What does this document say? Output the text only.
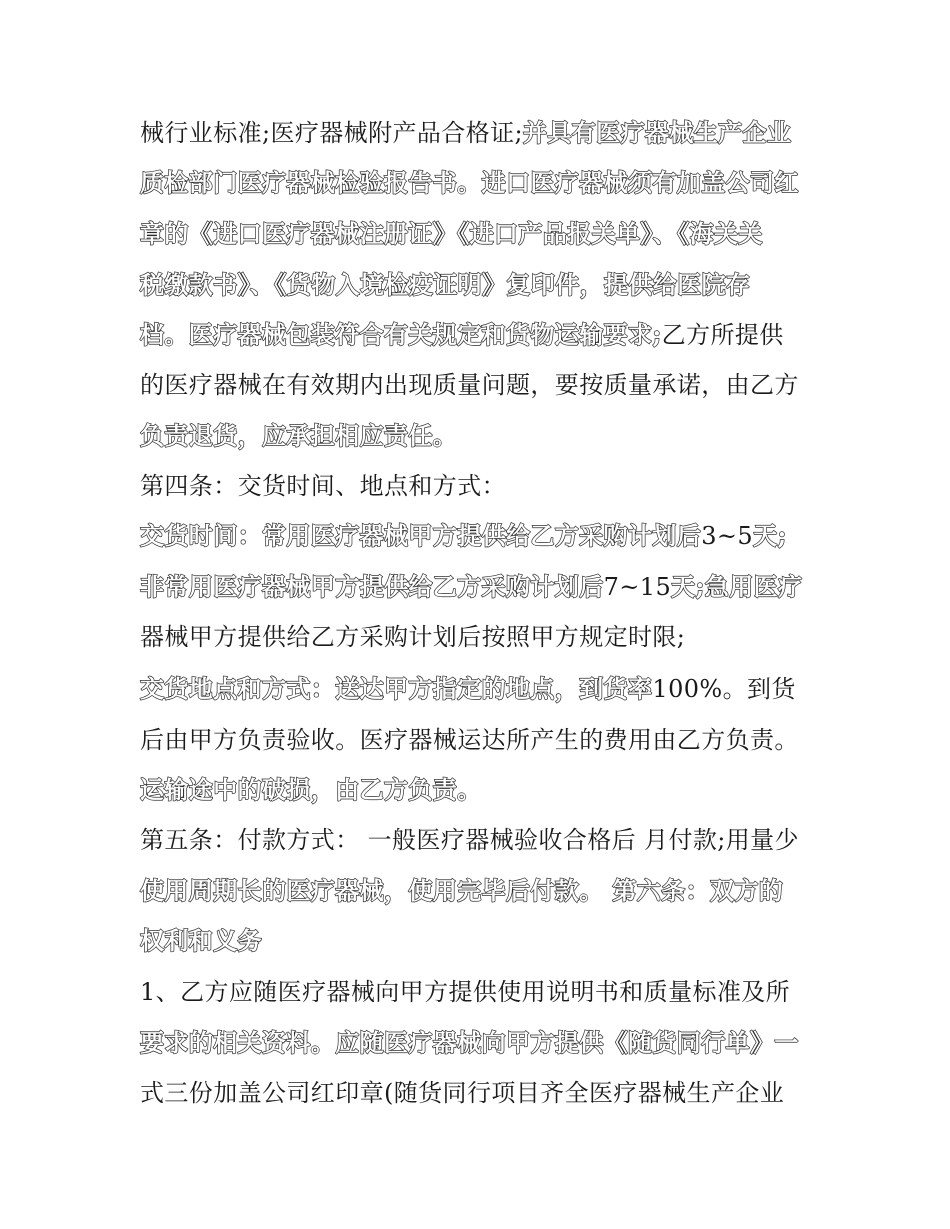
械行业标准;医疗器械附产品合格证;并具有医疗器械生产企业
质检部门医疗器械检验报告书。进口医疗器械须有加盖公司红
章的《进口医疗器械注册证》《进口产品报关单》、《海关关
税缴款书》、《货物入境检疫证明》复印件，提供给医院存
档。医疗器械包装符合有关规定和货物运输要求;乙方所提供
的医疗器械在有效期内出现质量问题，要按质量承诺，由乙方
负责退货，应承担相应责任。
第四条：交货时间、地点和方式：
交货时间：常用医疗器械甲方提供给乙方采购计划后3~5天;
非常用医疗器械甲方提供给乙方采购计划后7~15天;急用医疗
器械甲方提供给乙方采购计划后按照甲方规定时限;
交货地点和方式：送达甲方指定的地点，到货率100%。到货
后由甲方负责验收。医疗器械运达所产生的费用由乙方负责。
运输途中的破损，由乙方负责。
第五条：付款方式： 一般医疗器械验收合格后 月付款;用量少
使用周期长的医疗器械，使用完毕后付款。 第六条：双方的
权利和义务
1、乙方应随医疗器械向甲方提供使用说明书和质量标准及所
要求的相关资料。应随医疗器械向甲方提供《随货同行单》一
式三份加盖公司红印章(随货同行项目齐全医疗器械生产企业
